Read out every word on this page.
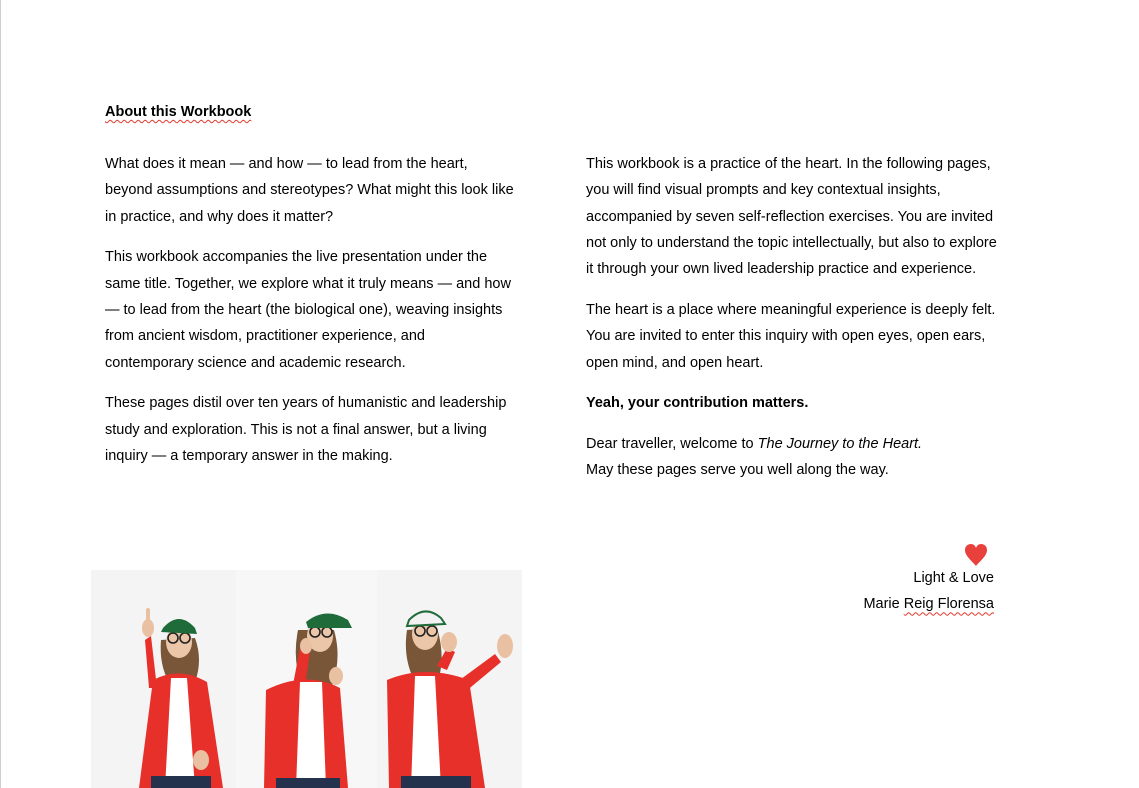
About this Workbook

What does it mean — and how — to lead from the heart, beyond assumptions and stereotypes? What might this look like in practice, and why does it matter?

This workbook accompanies the live presentation under the same title. Together, we explore what it truly means — and how — to lead from the heart (the biological one), weaving insights from ancient wisdom, practitioner experience, and contemporary science and academic research.

These pages distil over ten years of humanistic and leadership study and exploration. This is not a final answer, but a living inquiry — a temporary answer in the making.

This workbook is a practice of the heart. In the following pages, you will find visual prompts and key contextual insights, accompanied by seven self-reflection exercises. You are invited not only to understand the topic intellectually, but also to explore it through your own lived leadership practice and experience.

The heart is a place where meaningful experience is deeply felt. You are invited to enter this inquiry with open eyes, open ears, open mind, and open heart.

Yeah, your contribution matters.

Dear traveller, welcome to The Journey to the Heart.
May these pages serve you well along the way.

Light & Love
Marie Reig Florensa
